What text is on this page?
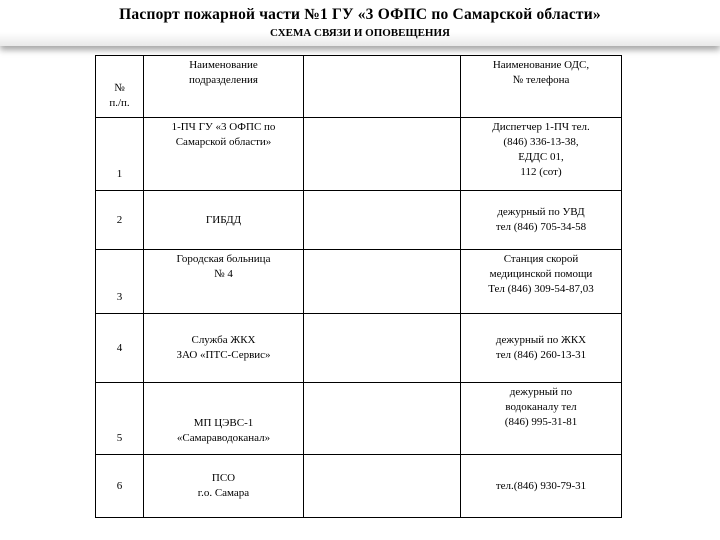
Паспорт пожарной части №1 ГУ «3 ОФПС по Самарской области»
СХЕМА СВЯЗИ И ОПОВЕЩЕНИЯ
№
п./п.	Наименование
подразделения		Наименование ОДС,
№ телефона
1	1-ПЧ ГУ «3 ОФПС по
Самарской области»		Диспетчер 1-ПЧ тел.
(846) 336-13-38,
ЕДДС 01,
112 (сот)
2	ГИБДД		дежурный по УВД
тел (846) 705-34-58
3	Городская больница
№ 4		Станция скорой
медицинской помощи
Тел (846) 309-54-87,03
4	Служба ЖКХ
ЗАО «ПТС-Сервис»		дежурный по ЖКХ
тел (846) 260-13-31
5	МП ЦЭВС-1
«Самараводоканал»		дежурный по
водоканалу тел
(846) 995-31-81
6	ПСО
г.о. Самара		тел.(846) 930-79-31
